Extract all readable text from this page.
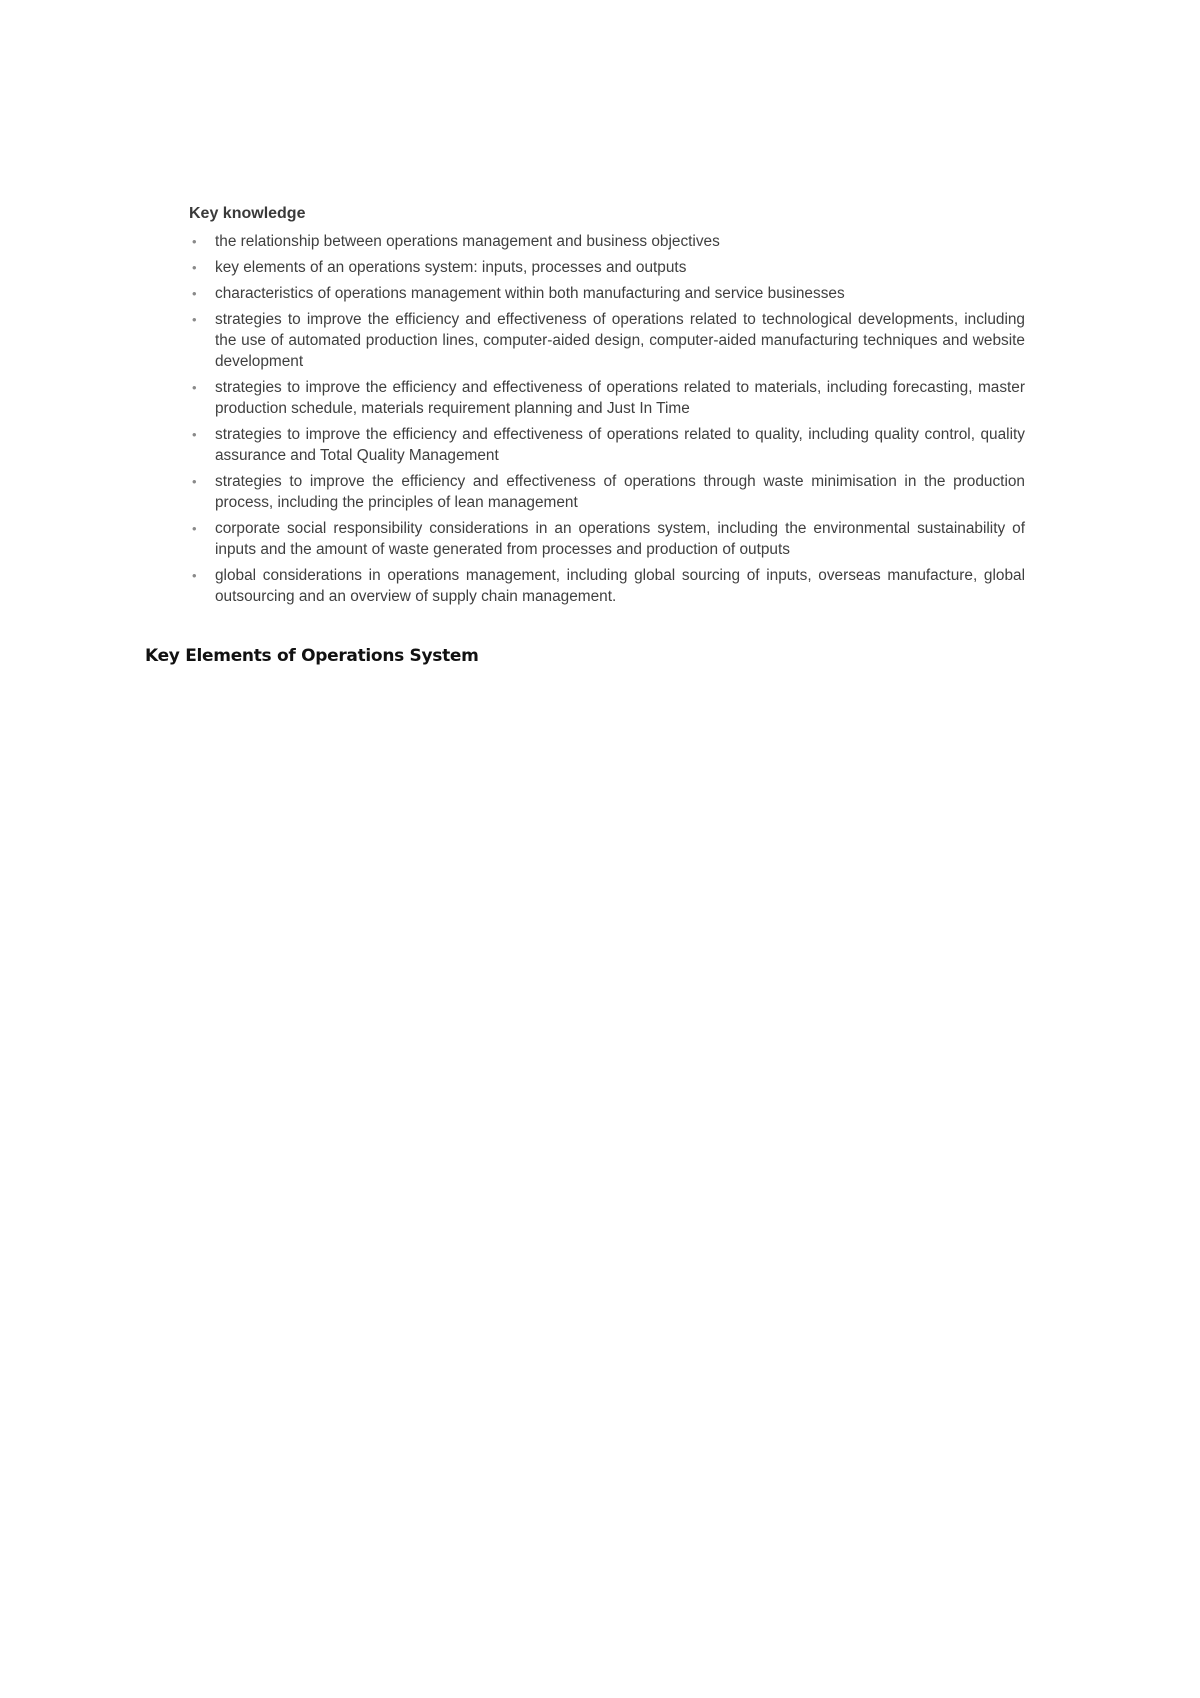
Key knowledge
• the relationship between operations management and business objectives
• key elements of an operations system: inputs, processes and outputs
• characteristics of operations management within both manufacturing and service businesses
• strategies to improve the efficiency and effectiveness of operations related to technological developments, including the use of automated production lines, computer-aided design, computer-aided manufacturing techniques and website development
• strategies to improve the efficiency and effectiveness of operations related to materials, including forecasting, master production schedule, materials requirement planning and Just In Time
• strategies to improve the efficiency and effectiveness of operations related to quality, including quality control, quality assurance and Total Quality Management
• strategies to improve the efficiency and effectiveness of operations through waste minimisation in the production process, including the principles of lean management
• corporate social responsibility considerations in an operations system, including the environmental sustainability of inputs and the amount of waste generated from processes and production of outputs
• global considerations in operations management, including global sourcing of inputs, overseas manufacture, global outsourcing and an overview of supply chain management.
Key Elements of Operations System
